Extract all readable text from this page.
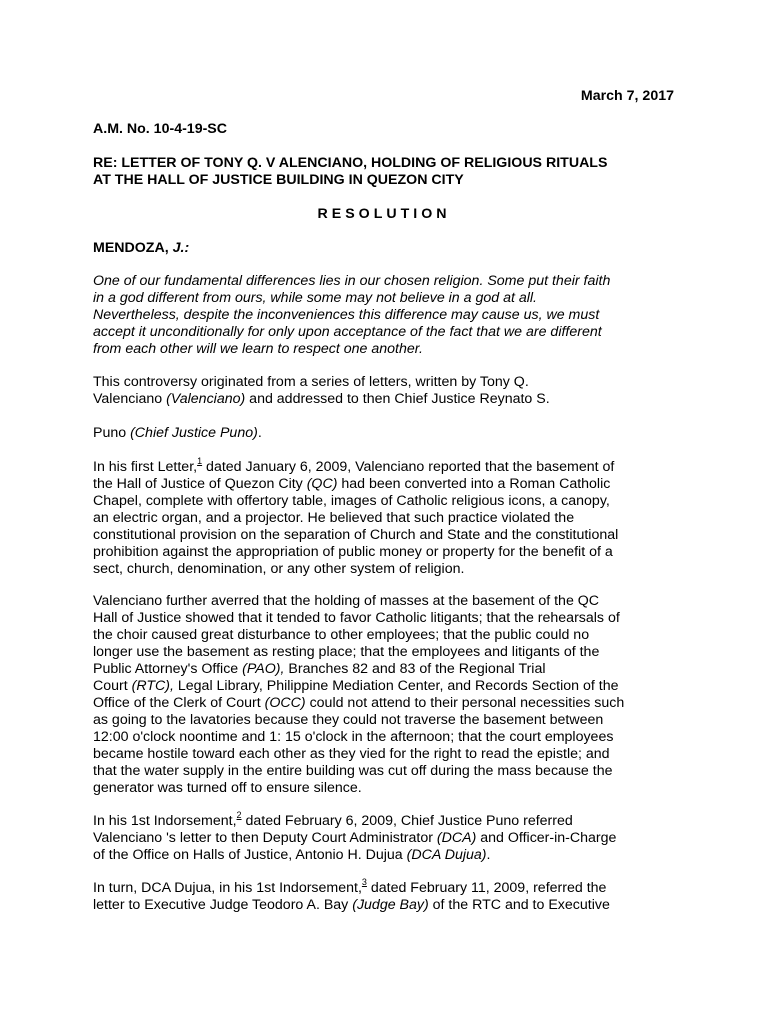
March 7, 2017
A.M. No. 10-4-19-SC
RE: LETTER OF TONY Q. V ALENCIANO, HOLDING OF RELIGIOUS RITUALS
AT THE HALL OF JUSTICE BUILDING IN QUEZON CITY
RESOLUTION
MENDOZA, J.:
One of our fundamental differences lies in our chosen religion. Some put their faith
in a god different from ours, while some may not believe in a god at all.
Nevertheless, despite the inconveniences this difference may cause us, we must
accept it unconditionally for only upon acceptance of the fact that we are different
from each other will we learn to respect one another.
This controversy originated from a series of letters, written by Tony Q.
Valenciano (Valenciano) and addressed to then Chief Justice Reynato S.
Puno (Chief Justice Puno).
In his first Letter,$^1$ dated January 6, 2009, Valenciano reported that the basement of
the Hall of Justice of Quezon City (QC) had been converted into a Roman Catholic
Chapel, complete with offertory table, images of Catholic religious icons, a canopy,
an electric organ, and a projector. He believed that such practice violated the
constitutional provision on the separation of Church and State and the constitutional
prohibition against the appropriation of public money or property for the benefit of a
sect, church, denomination, or any other system of religion.
Valenciano further averred that the holding of masses at the basement of the QC
Hall of Justice showed that it tended to favor Catholic litigants; that the rehearsals of
the choir caused great disturbance to other employees; that the public could no
longer use the basement as resting place; that the employees and litigants of the
Public Attorney's Office (PAO), Branches 82 and 83 of the Regional Trial
Court (RTC), Legal Library, Philippine Mediation Center, and Records Section of the
Office of the Clerk of Court (OCC) could not attend to their personal necessities such
as going to the lavatories because they could not traverse the basement between
12:00 o'clock noontime and 1: 15 o'clock in the afternoon; that the court employees
became hostile toward each other as they vied for the right to read the epistle; and
that the water supply in the entire building was cut off during the mass because the
generator was turned off to ensure silence.
In his 1st Indorsement,$^2$ dated February 6, 2009, Chief Justice Puno referred
Valenciano 's letter to then Deputy Court Administrator (DCA) and Officer-in-Charge
of the Office on Halls of Justice, Antonio H. Dujua (DCA Dujua).
In turn, DCA Dujua, in his 1st Indorsement,$^3$ dated February 11, 2009, referred the
letter to Executive Judge Teodoro A. Bay (Judge Bay) of the RTC and to Executive
